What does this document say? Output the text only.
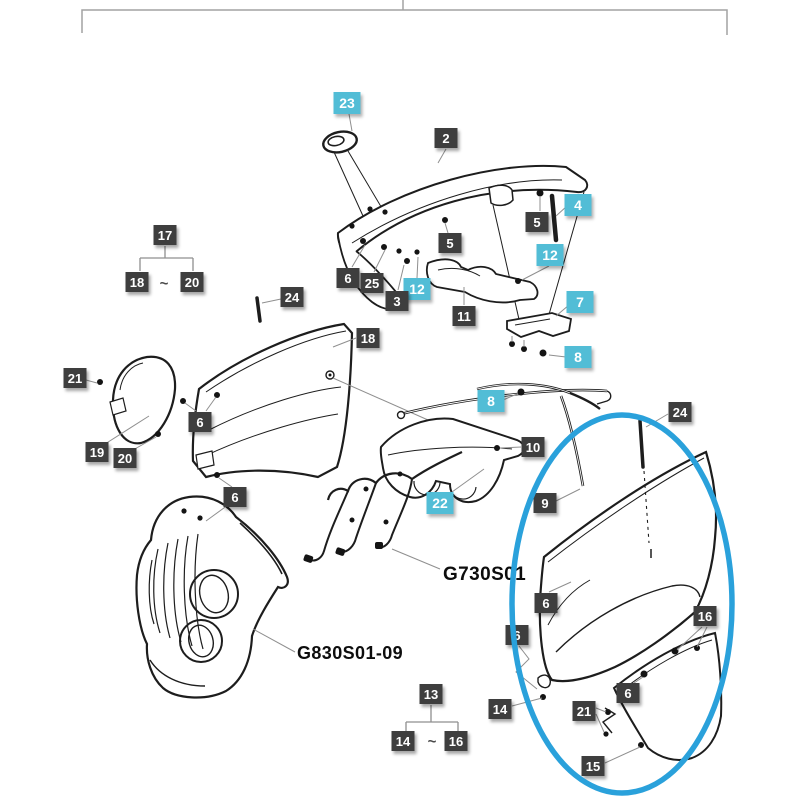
23
2
4
5
5
12
6	25	12
3	7
11
8
17
18 ~	20
24
18
21
19	20
6
6
8
10
22	9
24
6
6
16
6
14	21
15
13
14 ~ 16
G730S01
G830S01-09
